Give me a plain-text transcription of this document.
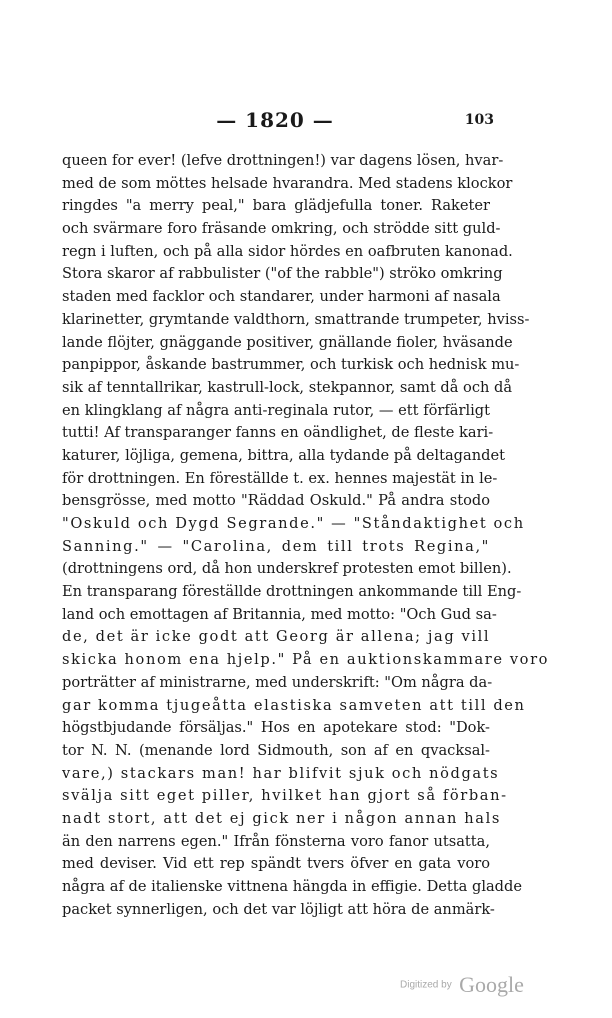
— 1820 —	103
queen for ever! (lefve drottningen!) var dagens lösen, hvar-
med de som möttes helsade hvarandra. Med stadens klockor
ringdes "a merry peal," bara glädjefulla toner. Raketer
och svärmare foro fräsande omkring, och strödde sitt guld-
regn i luften, och på alla sidor hördes en oafbruten kanonad.
Stora skaror af rabbulister ("of the rabble") ströko omkring
staden med facklor och standarer, under harmoni af nasala
klarinetter, grymtande valdthorn, smattrande trumpeter, hviss-
lande flöjter, gnäggande positiver, gnällande fioler, hväsande
panpippor, åskande bastrummer, och turkisk och hednisk mu-
sik af tenntallrikar, kastrull-lock, stekpannor, samt då och då
en klingklang af några anti-reginala rutor, — ett förfärligt
tutti! Af transparanger fanns en oändlighet, de fleste kari-
katurer, löjliga, gemena, bittra, alla tydande på deltagandet
för drottningen. En föreställde t. ex. hennes majestät in le-
bensgrösse, med motto "Räddad Oskuld." På andra stodo
"Oskuld och Dygd Segrande." — "Ståndaktighet och
Sanning." — "Carolina, dem till trots Regina,"
(drottningens ord, då hon underskref protesten emot billen).
En transparang föreställde drottningen ankommande till Eng-
land och emottagen af Britannia, med motto: "Och Gud sa-
de, det är icke godt att Georg är allena; jag vill
skicka honom ena hjelp." På en auktionskammare voro
porträtter af ministrarne, med underskrift: "Om några da-
gar komma tjugeåtta elastiska samveten att till den
högstbjudande försäljas." Hos en apotekare stod: "Dok-
tor N. N. (menande lord Sidmouth, son af en qvacksal-
vare,) stackars man! har blifvit sjuk och nödgats
svälja sitt eget piller, hvilket han gjort så förban-
nadt stort, att det ej gick ner i någon annan hals
än den narrens egen." Ifrån fönsterna voro fanor utsatta,
med deviser. Vid ett rep spändt tvers öfver en gata voro
några af de italienske vittnena hängda in effigie. Detta gladde
packet synnerligen, och det var löjligt att höra de anmärk-
Digitized by Google
